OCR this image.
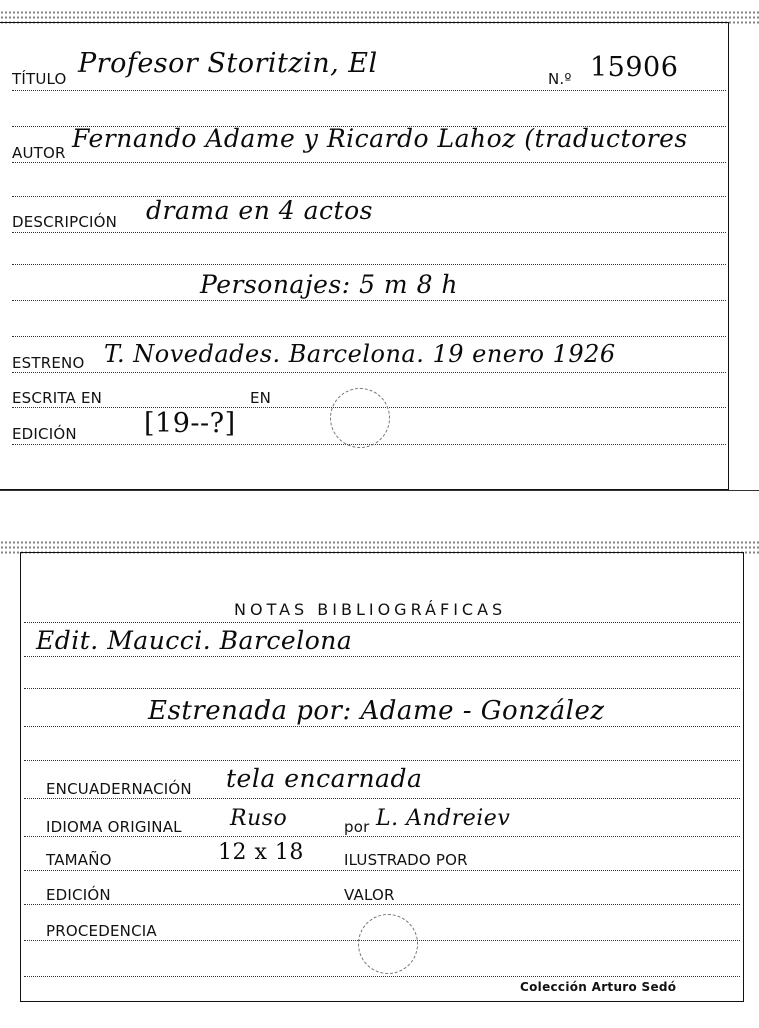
TÍTULO Profesor Storitzin, El	N.º 15906
AUTOR Fernando Adame y Ricardo Lahoz (traductores
DESCRIPCIÓN drama en 4 actos
Personajes: 5 m 8 h
ESTRENO T. Novedades. Barcelona. 19 enero 1926
ESCRITA EN	EN
EDICIÓN [19--?]
NOTAS BIBLIOGRÁFICAS
Edit. Maucci. Barcelona
Estrenada por: Adame - González
ENCUADERNACIÓN tela encarnada
IDIOMA ORIGINAL Ruso	por L. Andreiev
TAMAÑO	12 x 18	ILUSTRADO POR
EDICIÓN	VALOR
PROCEDENCIA
Colección Arturo Sedó
